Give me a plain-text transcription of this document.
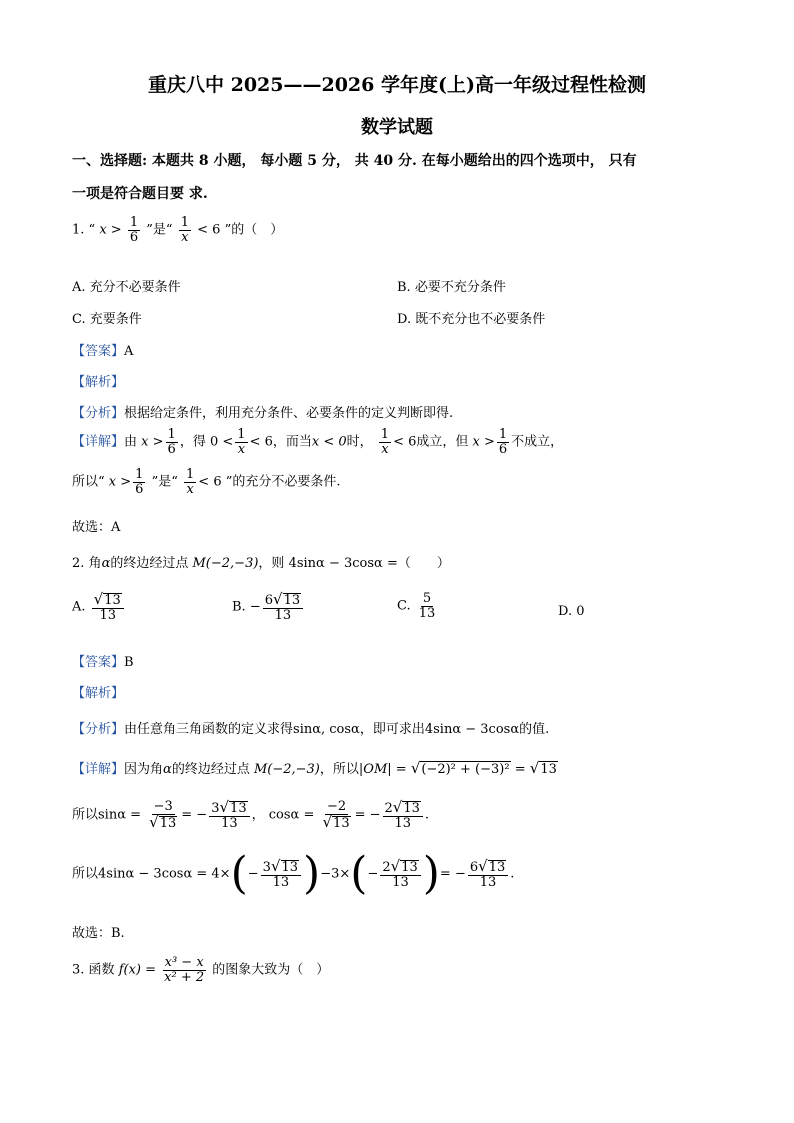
重庆八中 2025——2026 学年度(上)高一年级过程性检测
数学试题
一、选择题: 本题共 8 小题， 每小题 5 分， 共 40 分. 在每小题给出的四个选项中， 只有
一项是符合题目要 求.
1. “ $x > \frac{1}{6}$ ”是“ $\frac{1}{x} < 6$ ”的（　）
A. 充分不必要条件	B. 必要不充分条件
C. 充要条件	D. 既不充分也不必要条件
【答案】A
【解析】
【分析】根据给定条件，利用充分条件、必要条件的定义判断即得.
【详解】由 $x > \frac{1}{6}$ ，得 $0 < \frac{1}{x} < 6$，而当x < 0时， $\frac{1}{x} < 6$成立，但 $x > \frac{1}{6}$ 不成立，
所以“ $x > \frac{1}{6}$ ”是“ $\frac{1}{x} < 6$ ”的充分不必要条件.
故选：A
2. 角α的终边经过点 M(−2,−3)，则 4sinα − 3cosα =（　　）
A. $\frac{√13}{13}$	B. − $\frac{6√13}{13}$	C. $\frac{5}{13}$	D. 0
【答案】B
【解析】
【分析】由任意角三角函数的定义求得sinα, cosα，即可求出4sinα − 3cosα的值.
【详解】因为角α的终边经过点 M(−2,−3)，所以|OM| = √(−2)² + (−3)² = √13
所以$\sin\alpha = \frac{-3}{√13}$ = − $\frac{3√13}{13}$ ， $\cos\alpha = \frac{-2}{√13}$ = − $\frac{2√13}{13}$ .
所以$4\sin\alpha - 3\cos\alpha = 4\times(- \frac{3√13}{13} )-3\times(- \frac{2√13}{13}$ )= − $\frac{6√13}{13}$ .
故选：B.
3. 函数 $f(x) = \frac{\text{x³ − x}}{\text{x² + 2}}$ 的图象大致为（　）
